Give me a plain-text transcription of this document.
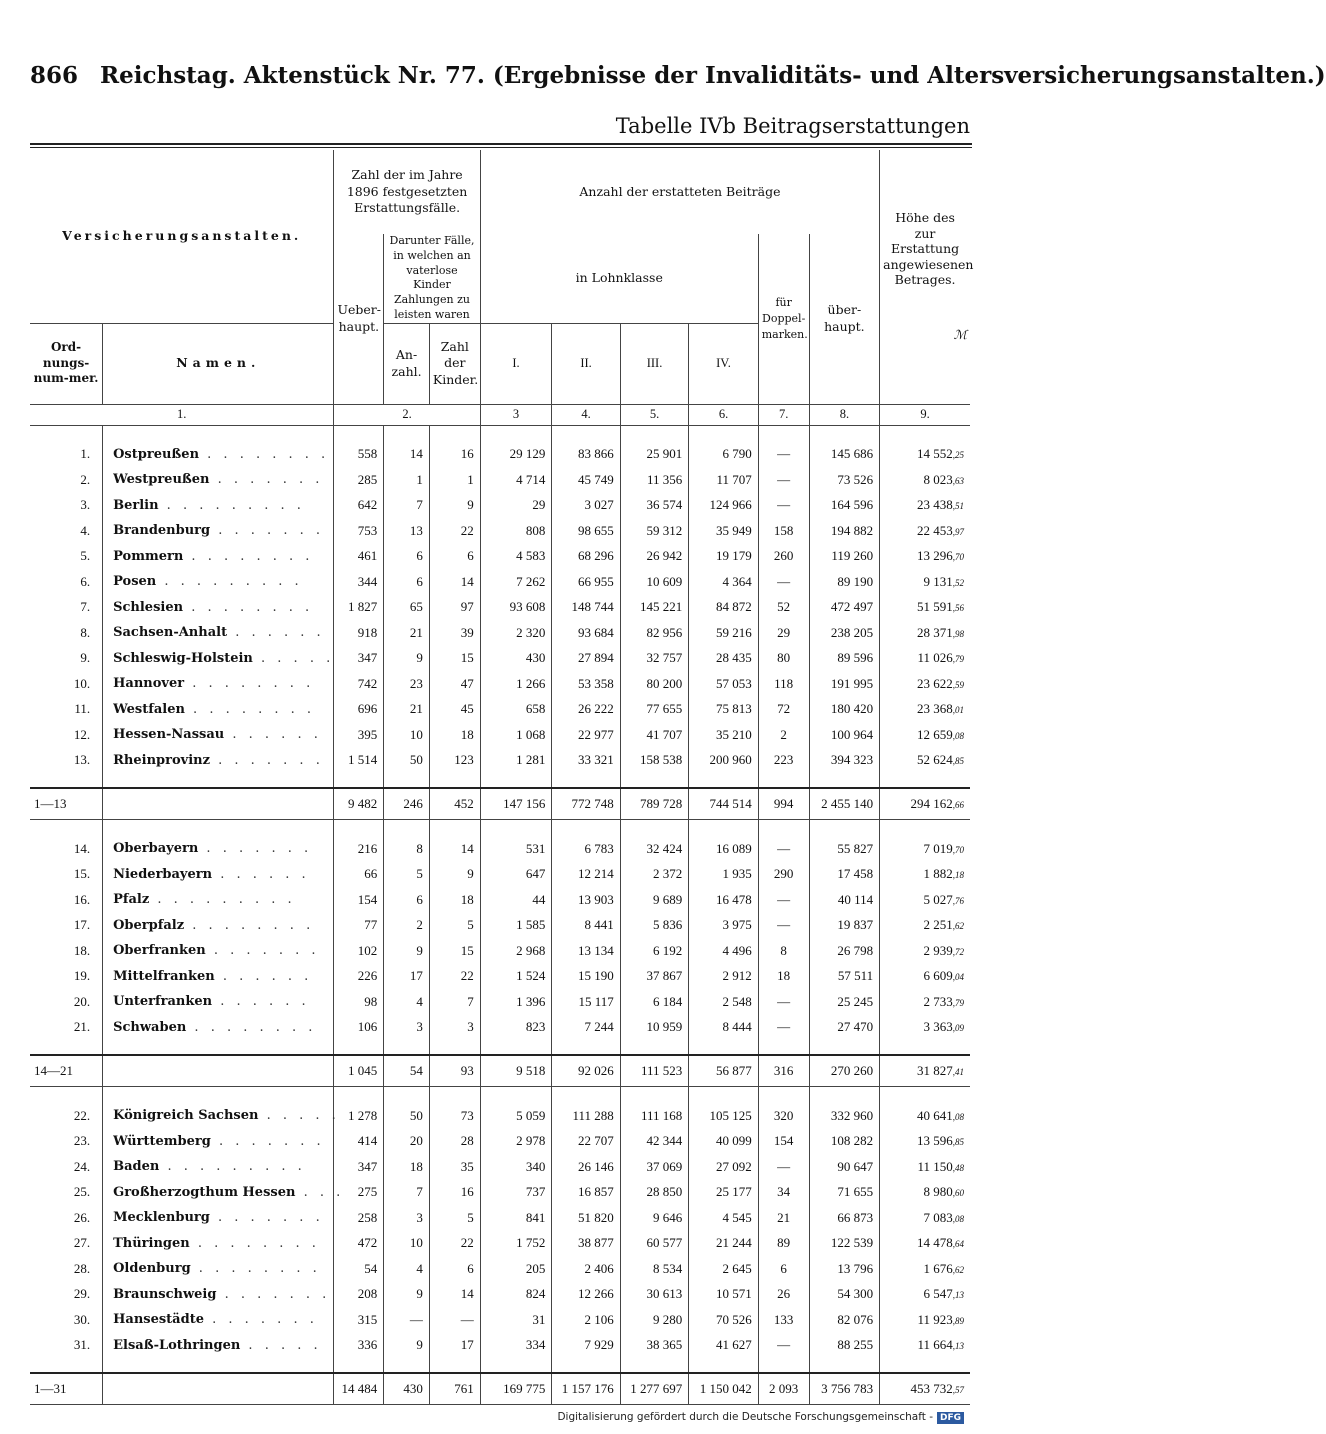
866 Reichstag. Aktenstück Nr. 77. (Ergebnisse der Invaliditäts- und Altersversicherungsanstalten.)
Tabelle IVb Beitragserstattungen
Versicherungsanstalten.		Zahl der im Jahre 1896 festgesetzten Erstattungsfälle.			Anzahl der erstatteten Beiträge						Höhe des zur Erstattung angewiesenen Betrages.
ℳ

		Ueber-haupt.	Darunter Fälle, in welchen an vaterlose Kinder Zahlungen zu leisten waren		in Lohnklasse				für Doppel-marken.	über-haupt.	
Ord-nungs-num-mer.	Namen.		An-zahl.	Zahl der Kinder.	I.	II.	III.	IV.			

1.		2.			3	4.	5.	6.	7.	8.	9.

1.	Ostpreußen . . . . . . . .	558	14	16	29 129	83 866	25 901	6 790	—	145 686	14 552,25
2.	Westpreußen . . . . . . .	285	1	1	4 714	45 749	11 356	11 707	—	73 526	8 023,63
3.	Berlin . . . . . . . . .	642	7	9	29	3 027	36 574	124 966	—	164 596	23 438,51
4.	Brandenburg . . . . . . .	753	13	22	808	98 655	59 312	35 949	158	194 882	22 453,97
5.	Pommern . . . . . . . .	461	6	6	4 583	68 296	26 942	19 179	260	119 260	13 296,70
6.	Posen . . . . . . . . .	344	6	14	7 262	66 955	10 609	4 364	—	89 190	9 131,52
7.	Schlesien . . . . . . . .	1 827	65	97	93 608	148 744	145 221	84 872	52	472 497	51 591,56
8.	Sachsen-Anhalt . . . . . .	918	21	39	2 320	93 684	82 956	59 216	29	238 205	28 371,98
9.	Schleswig-Holstein . . . . .	347	9	15	430	27 894	32 757	28 435	80	89 596	11 026,79
10.	Hannover . . . . . . . .	742	23	47	1 266	53 358	80 200	57 053	118	191 995	23 622,59
11.	Westfalen . . . . . . . .	696	21	45	658	26 222	77 655	75 813	72	180 420	23 368,01
12.	Hessen-Nassau . . . . . .	395	10	18	1 068	22 977	41 707	35 210	2	100 964	12 659,08
13.	Rheinprovinz . . . . . . .	1 514	50	123	1 281	33 321	158 538	200 960	223	394 323	52 624,85

1—13		9 482	246	452	147 156	772 748	789 728	744 514	994	2 455 140	294 162,66

14.	Oberbayern . . . . . . .	216	8	14	531	6 783	32 424	16 089	—	55 827	7 019,70
15.	Niederbayern . . . . . .	66	5	9	647	12 214	2 372	1 935	290	17 458	1 882,18
16.	Pfalz . . . . . . . . .	154	6	18	44	13 903	9 689	16 478	—	40 114	5 027,76
17.	Oberpfalz . . . . . . . .	77	2	5	1 585	8 441	5 836	3 975	—	19 837	2 251,62
18.	Oberfranken . . . . . . .	102	9	15	2 968	13 134	6 192	4 496	8	26 798	2 939,72
19.	Mittelfranken . . . . . .	226	17	22	1 524	15 190	37 867	2 912	18	57 511	6 609,04
20.	Unterfranken . . . . . .	98	4	7	1 396	15 117	6 184	2 548	—	25 245	2 733,79
21.	Schwaben . . . . . . . .	106	3	3	823	7 244	10 959	8 444	—	27 470	3 363,09

14—21		1 045	54	93	9 518	92 026	111 523	56 877	316	270 260	31 827,41

22.	Königreich Sachsen . . . . .	1 278	50	73	5 059	111 288	111 168	105 125	320	332 960	40 641,08
23.	Württemberg . . . . . . .	414	20	28	2 978	22 707	42 344	40 099	154	108 282	13 596,85
24.	Baden . . . . . . . . .	347	18	35	340	26 146	37 069	27 092	—	90 647	11 150,48
25.	Großherzogthum Hessen . . .	275	7	16	737	16 857	28 850	25 177	34	71 655	8 980,60
26.	Mecklenburg . . . . . . .	258	3	5	841	51 820	9 646	4 545	21	66 873	7 083,08
27.	Thüringen . . . . . . . .	472	10	22	1 752	38 877	60 577	21 244	89	122 539	14 478,64
28.	Oldenburg . . . . . . . .	54	4	6	205	2 406	8 534	2 645	6	13 796	1 676,62
29.	Braunschweig . . . . . . .	208	9	14	824	12 266	30 613	10 571	26	54 300	6 547,13
30.	Hansestädte . . . . . . .	315	—	—	31	2 106	9 280	70 526	133	82 076	11 923,89
31.	Elsaß-Lothringen . . . . .	336	9	17	334	7 929	38 365	41 627	—	88 255	11 664,13

1—31		14 484	430	761	169 775	1 157 176	1 277 697	1 150 042	2 093	3 756 783	453 732,57
Digitalisierung gefördert durch die Deutsche Forschungsgemeinschaft - DFG
